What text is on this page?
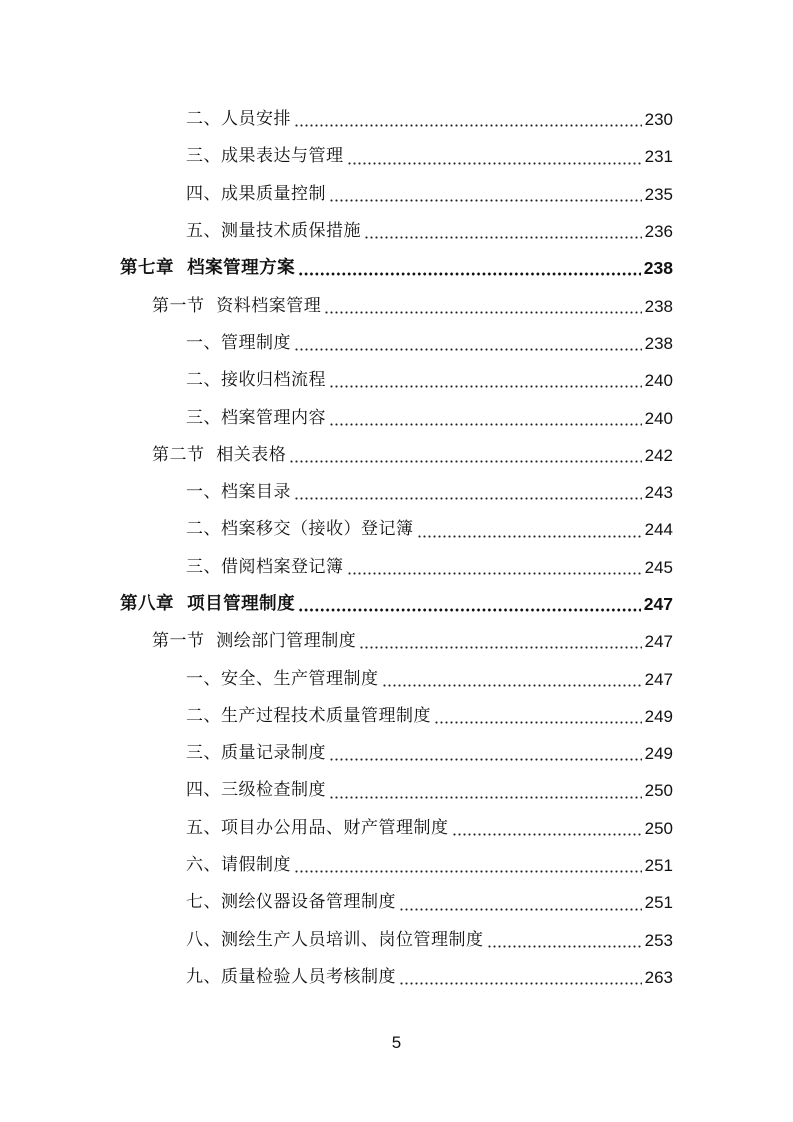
二、人员安排	230
三、成果表达与管理	231
四、成果质量控制	235
五、测量技术质保措施	236
第七章  档案管理方案	238
第一节  资料档案管理	238
一、管理制度	238
二、接收归档流程	240
三、档案管理内容	240
第二节  相关表格	242
一、档案目录	243
二、档案移交（接收）登记簿	244
三、借阅档案登记簿	245
第八章  项目管理制度	247
第一节  测绘部门管理制度	247
一、安全、生产管理制度	247
二、生产过程技术质量管理制度	249
三、质量记录制度	249
四、三级检查制度	250
五、项目办公用品、财产管理制度	250
六、请假制度	251
七、测绘仪器设备管理制度	251
八、测绘生产人员培训、岗位管理制度	253
九、质量检验人员考核制度	263
5
